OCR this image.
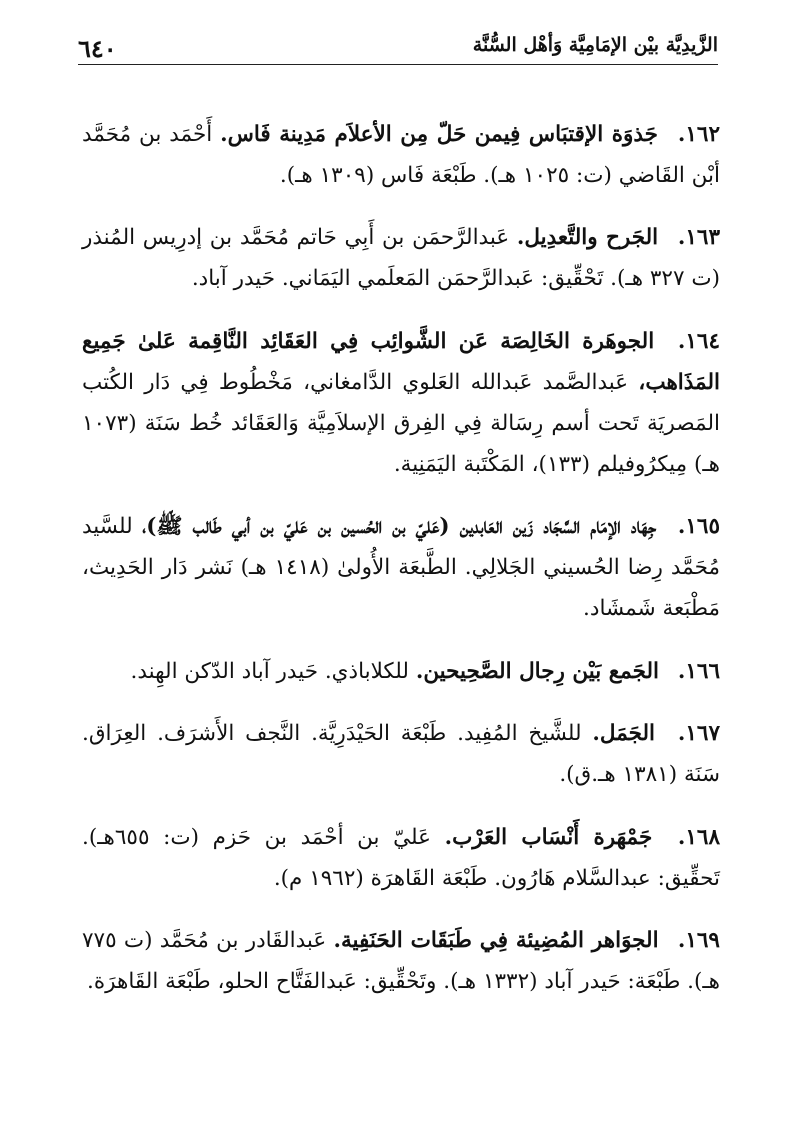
الزَّيدِيَّة بيْن الإمَامِيَّة وَأهْل السُّنَّة
٦٤٠

١٦٢. جَذوَة الإقتبَاس فِيمن حَلّ مِن الأعلاَم مَدِينة فَاس. أَحْمَد بن مُحَمَّد أبْن القَاضي (ت: ١٠٢٥ هـ). طَبْعَة فَاس (١٣٠٩ هـ).

١٦٣. الجَرح والتَّعدِيل. عَبدالرَّحمَن بن أَبِي حَاتم مُحَمَّد بن إدرِيس المُنذر (ت ٣٢٧ هـ). تَحْقِّيق: عَبدالرَّحمَن المَعلَمي اليَمَاني. حَيدر آباد.

١٦٤. الجوهَرة الخَالِصَة عَن الشَّوائِب فِي العَقَائِد النَّاقِمة عَلىٰ جَمِيع المَذَاهب، عَبدالصَّمد عَبدالله العَلوي الدَّامغاني، مَخْطُوط فِي دَار الكُتب المَصريَة تَحت أسم رِسَالة فِي الفِرق الإسلاَمِيَّة وَالعَقَائد خُط سَنَة (١٠٧٣ هـ) مِيكرُوفيلم (١٣٣)، المَكْتَبة اليَمَنِية.

١٦٥. جِهَاد الإمَام السَّجَاد زَين العَابدين (عَليّ بن الحُسين بن عَليّ بن أبي طَالب ﷺ)، للسَّيد مُحَمَّد رِضا الحُسيني الجَلالِي. الطَّبعَة الأُولىٰ (١٤١٨ هـ) نَشر دَار الحَدِيث، مَطْبَعة شَمشَاد.

١٦٦. الجَمع بَيْن رِجال الصَّحِيحين. للكلاباذي. حَيدر آباد الدّكن الهِند.

١٦٧. الجَمَل. للشَّيخ المُفِيد. طَبْعَة الحَيْدَرِيَّة. النَّجف الأَشرَف. العِرَاق. سَنَة (١٣٨١ هـ.ق).

١٦٨. جَمْهَرة أَنْسَاب العَرْب. عَليّ بن أحْمَد بن حَزم (ت: ٦٥٥هـ). تَحقِّيق: عبدالسَّلام هَارُون. طَبْعَة القَاهرَة (١٩٦٢ م).

١٦٩. الجوَاهر المُضِيئة فِي طَبَقَات الحَنَفِية. عَبدالقَادر بن مُحَمَّد (ت ٧٧٥ هـ). طَبْعَة: حَيدر آباد (١٣٣٢ هـ). وتَحْقِّيق: عَبدالفَتَّاح الحلو، طَبْعَة القَاهرَة.
